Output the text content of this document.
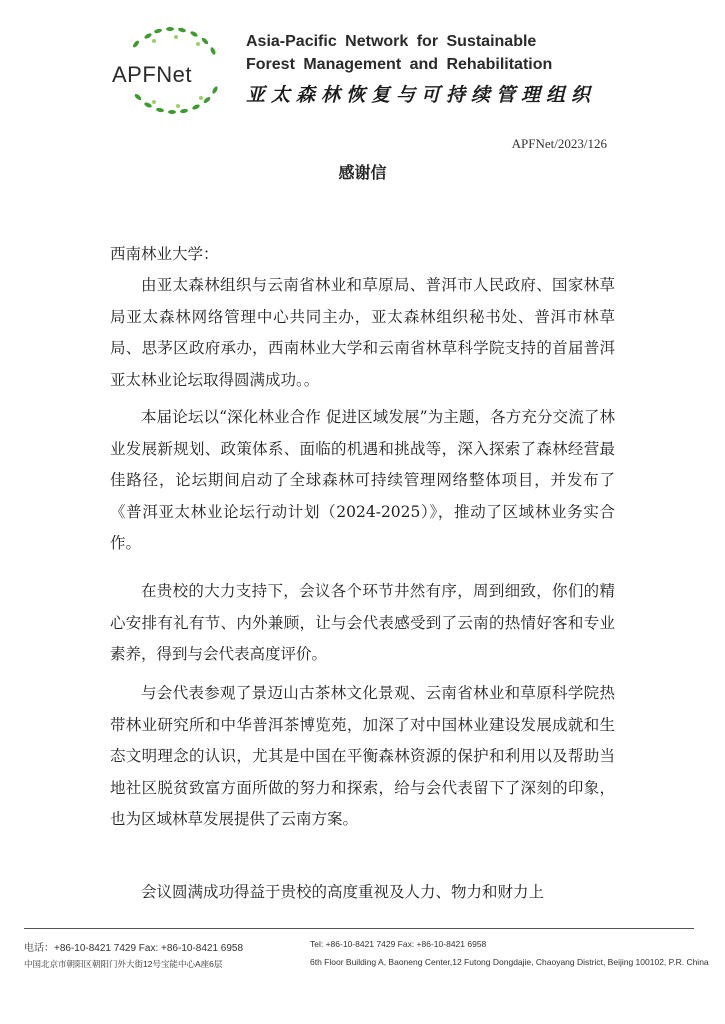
APFNet
Asia-Pacific Network for Sustainable
Forest Management and Rehabilitation
亚太森林恢复与可持续管理组织
APFNet/2023/126
感谢信
西南林业大学：

由亚太森林组织与云南省林业和草原局、普洱市人民政府、国家林草局亚太森林网络管理中心共同主办，亚太森林组织秘书处、普洱市林草局、思茅区政府承办，西南林业大学和云南省林草科学院支持的首届普洱亚太林业论坛取得圆满成功。。

本届论坛以“深化林业合作 促进区域发展”为主题，各方充分交流了林业发展新规划、政策体系、面临的机遇和挑战等，深入探索了森林经营最佳路径，论坛期间启动了全球森林可持续管理网络整体项目，并发布了《普洱亚太林业论坛行动计划（2024-2025）》，推动了区域林业务实合作。

在贵校的大力支持下，会议各个环节井然有序，周到细致，你们的精心安排有礼有节、内外兼顾，让与会代表感受到了云南的热情好客和专业素养，得到与会代表高度评价。

与会代表参观了景迈山古茶林文化景观、云南省林业和草原科学院热带林业研究所和中华普洱茶博览苑，加深了对中国林业建设发展成就和生态文明理念的认识，尤其是中国在平衡森林资源的保护和利用以及帮助当地社区脱贫致富方面所做的努力和探索，给与会代表留下了深刻的印象，也为区域林草发展提供了云南方案。

会议圆满成功得益于贵校的高度重视及人力、物力和财力上

电话：+86-10-8421 7429 Fax: +86-10-8421 6958
中国北京市朝阳区朝阳门外大街12号宝能中心A座6层
Tel: +86-10-8421 7429 Fax: +86-10-8421 6958
6th Floor Building A, Baoneng Center,12 Futong Dongdajie, Chaoyang District, Beijing 100102, P.R. China
